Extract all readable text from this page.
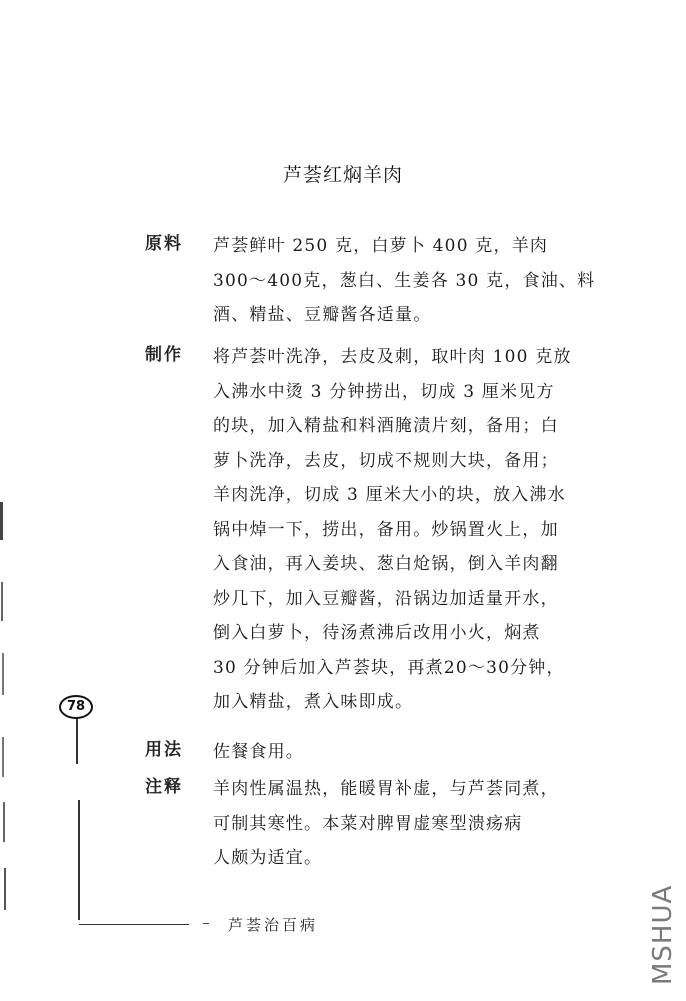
芦荟红焖羊肉
原料 芦荟鲜叶 250 克，白萝卜 400 克，羊肉
300～400克，葱白、生姜各 30 克，食油、料
酒、精盐、豆瓣酱各适量。
制作 将芦荟叶洗净，去皮及刺，取叶肉 100 克放
入沸水中烫 3 分钟捞出，切成 3 厘米见方
的块，加入精盐和料酒腌渍片刻，备用；白
萝卜洗净，去皮，切成不规则大块，备用；
羊肉洗净，切成 3 厘米大小的块，放入沸水
锅中焯一下，捞出，备用。炒锅置火上，加
入食油，再入姜块、葱白炝锅，倒入羊肉翻
炒几下，加入豆瓣酱，沿锅边加适量开水，
倒入白萝卜，待汤煮沸后改用小火，焖煮
30 分钟后加入芦荟块，再煮20～30分钟，
加入精盐，煮入味即成。
用法 佐餐食用。
注释 羊肉性属温热，能暖胃补虚，与芦荟同煮，
可制其寒性。本菜对脾胃虚寒型溃疡病
人颇为适宜。
78
芦荟治百病	MSHUA
